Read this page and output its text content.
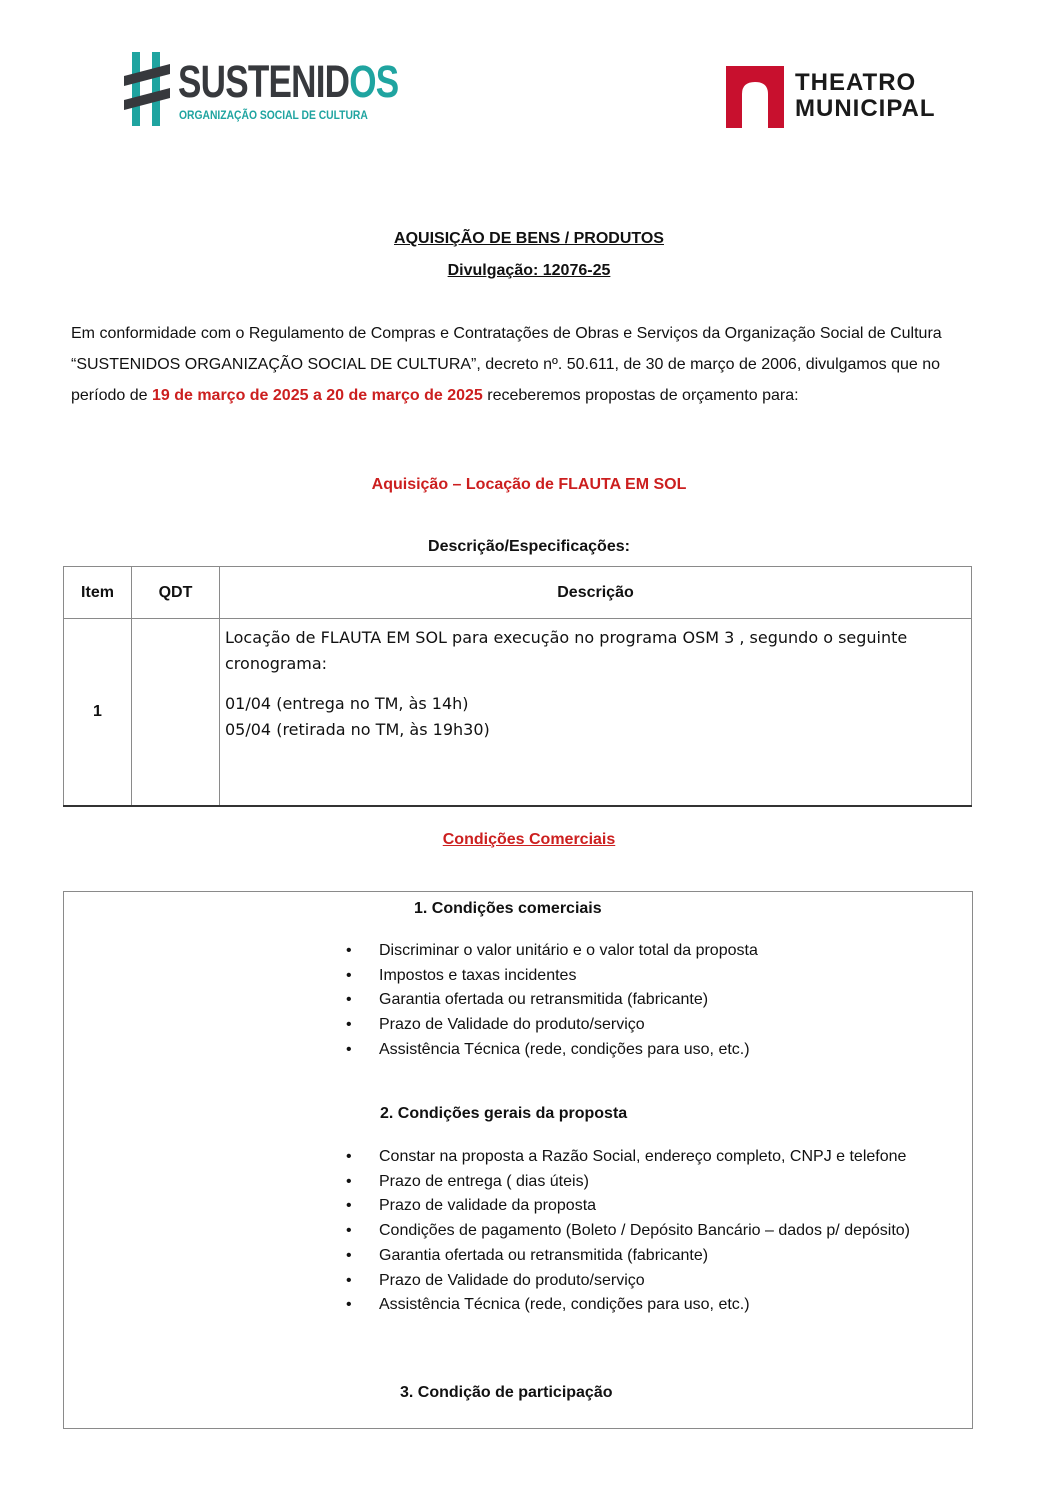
SUSTENIDOS
ORGANIZAÇÃO SOCIAL DE CULTURA
THEATRO
MUNICIPAL
AQUISIÇÃO DE BENS / PRODUTOS
Divulgação: 12076-25
Em conformidade com o Regulamento de Compras e Contratações de Obras e Serviços da Organização Social de Cultura “SUSTENIDOS ORGANIZAÇÃO SOCIAL DE CULTURA”, decreto nº. 50.611, de 30 de março de 2006, divulgamos que no período de 19 de março de 2025 a 20 de março de 2025 receberemos propostas de orçamento para:
Aquisição – Locação de FLAUTA EM SOL
Descrição/Especificações:
Item	QDT	Descrição
1		Locação de FLAUTA EM SOL para execução no programa OSM 3 , segundo o seguinte cronograma:

01/04 (entrega no TM, às 14h)

05/04 (retirada no TM, às 19h30)

Condições Comerciais
1. Condições comerciais
• Discriminar o valor unitário e o valor total da proposta
• Impostos e taxas incidentes
• Garantia ofertada ou retransmitida (fabricante)
• Prazo de Validade do produto/serviço
• Assistência Técnica (rede, condições para uso, etc.)
2. Condições gerais da proposta
• Constar na proposta a Razão Social, endereço completo, CNPJ e telefone
• Prazo de entrega ( dias úteis)
• Prazo de validade da proposta
• Condições de pagamento (Boleto / Depósito Bancário – dados p/ depósito)
• Garantia ofertada ou retransmitida (fabricante)
• Prazo de Validade do produto/serviço
• Assistência Técnica (rede, condições para uso, etc.)
3. Condição de participação
